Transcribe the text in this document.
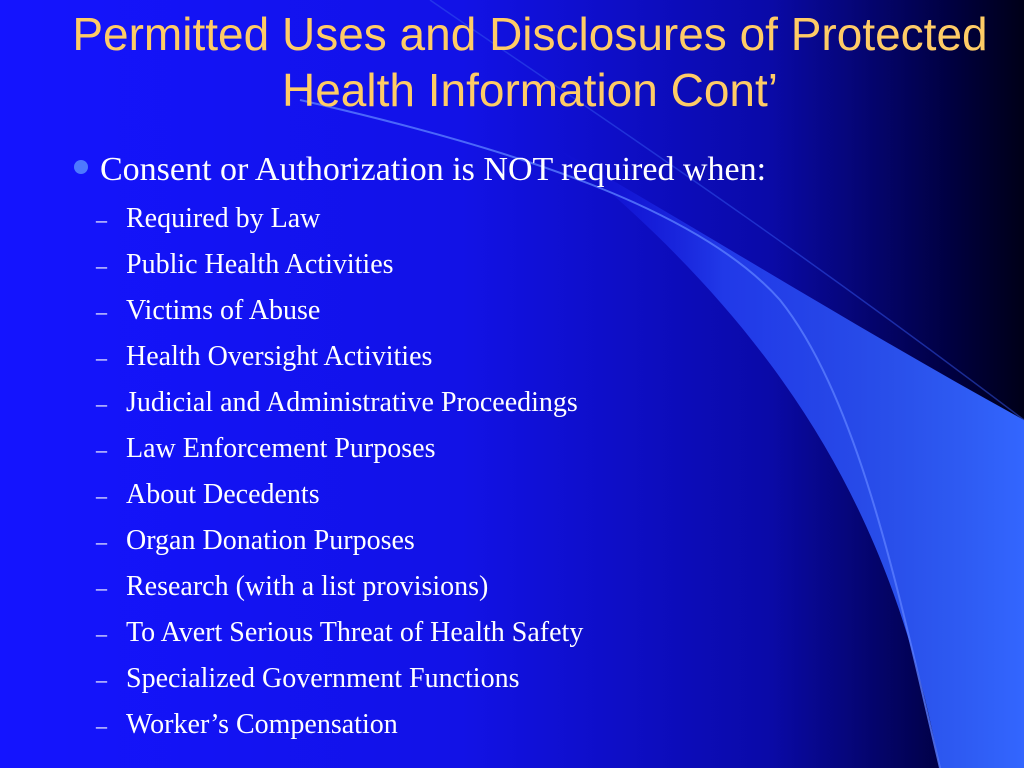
Permitted Uses and Disclosures of Protected Health Information Cont’
Consent or Authorization is NOT required when:
– Required by Law
– Public Health Activities
– Victims of Abuse
– Health Oversight Activities
– Judicial and Administrative Proceedings
– Law Enforcement Purposes
– About Decedents
– Organ Donation Purposes
– Research (with a list provisions)
– To Avert Serious Threat of Health Safety
– Specialized Government Functions
– Worker’s Compensation
